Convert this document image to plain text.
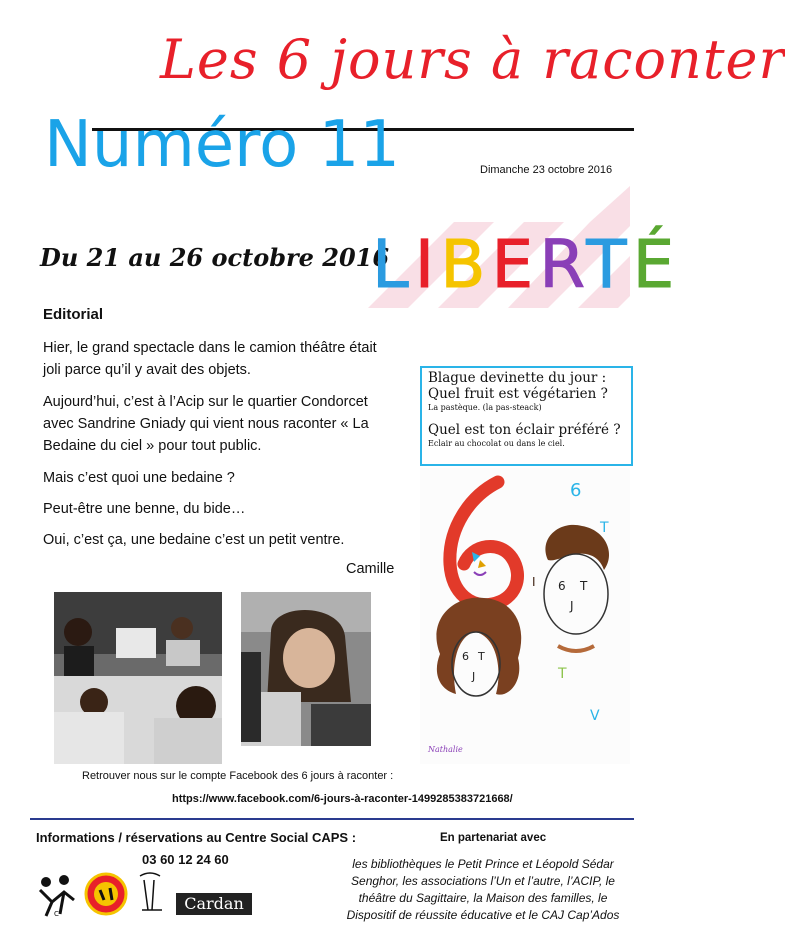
Les 6 jours à raconter
Numéro 11	Dimanche 23 octobre 2016
Du 21 au 26 octobre 2016
LIBERTÉ
Editorial
Hier, le grand spectacle dans le camion théâtre était joli parce qu’il y avait des objets.
Aujourd’hui, c’est à l’Acip sur le quartier Condorcet avec Sandrine Gniady qui vient nous raconter « La Bedaine du ciel » pour tout public.
Mais c’est quoi une bedaine ?
Peut-être une benne, du bide…
Oui, c’est ça, une bedaine c’est un petit ventre.
Camille
Blague devinette du jour :
Quel fruit est végétarien ?
La pastèque. (la pas-steack)
Quel est ton éclair préféré ?
Eclair au chocolat ou dans le ciel.
6
T
T
V
I 6 T
J
6 T
J
Nathalie
Retrouver nous sur le compte Facebook des 6 jours à raconter :
https://www.facebook.com/6-jours-à-raconter-1499285383721668/
Informations / réservations au Centre Social CAPS :
03 60 12 24 60
En partenariat avec
les bibliothèques le Petit Prince et Léopold Sédar Senghor, les associations l’Un et l’autre, l’ACIP, le théâtre du Sagittaire, la Maison des familles, le Dispositif de réussite éducative et le CAJ Cap’Ados
C
Cardan
